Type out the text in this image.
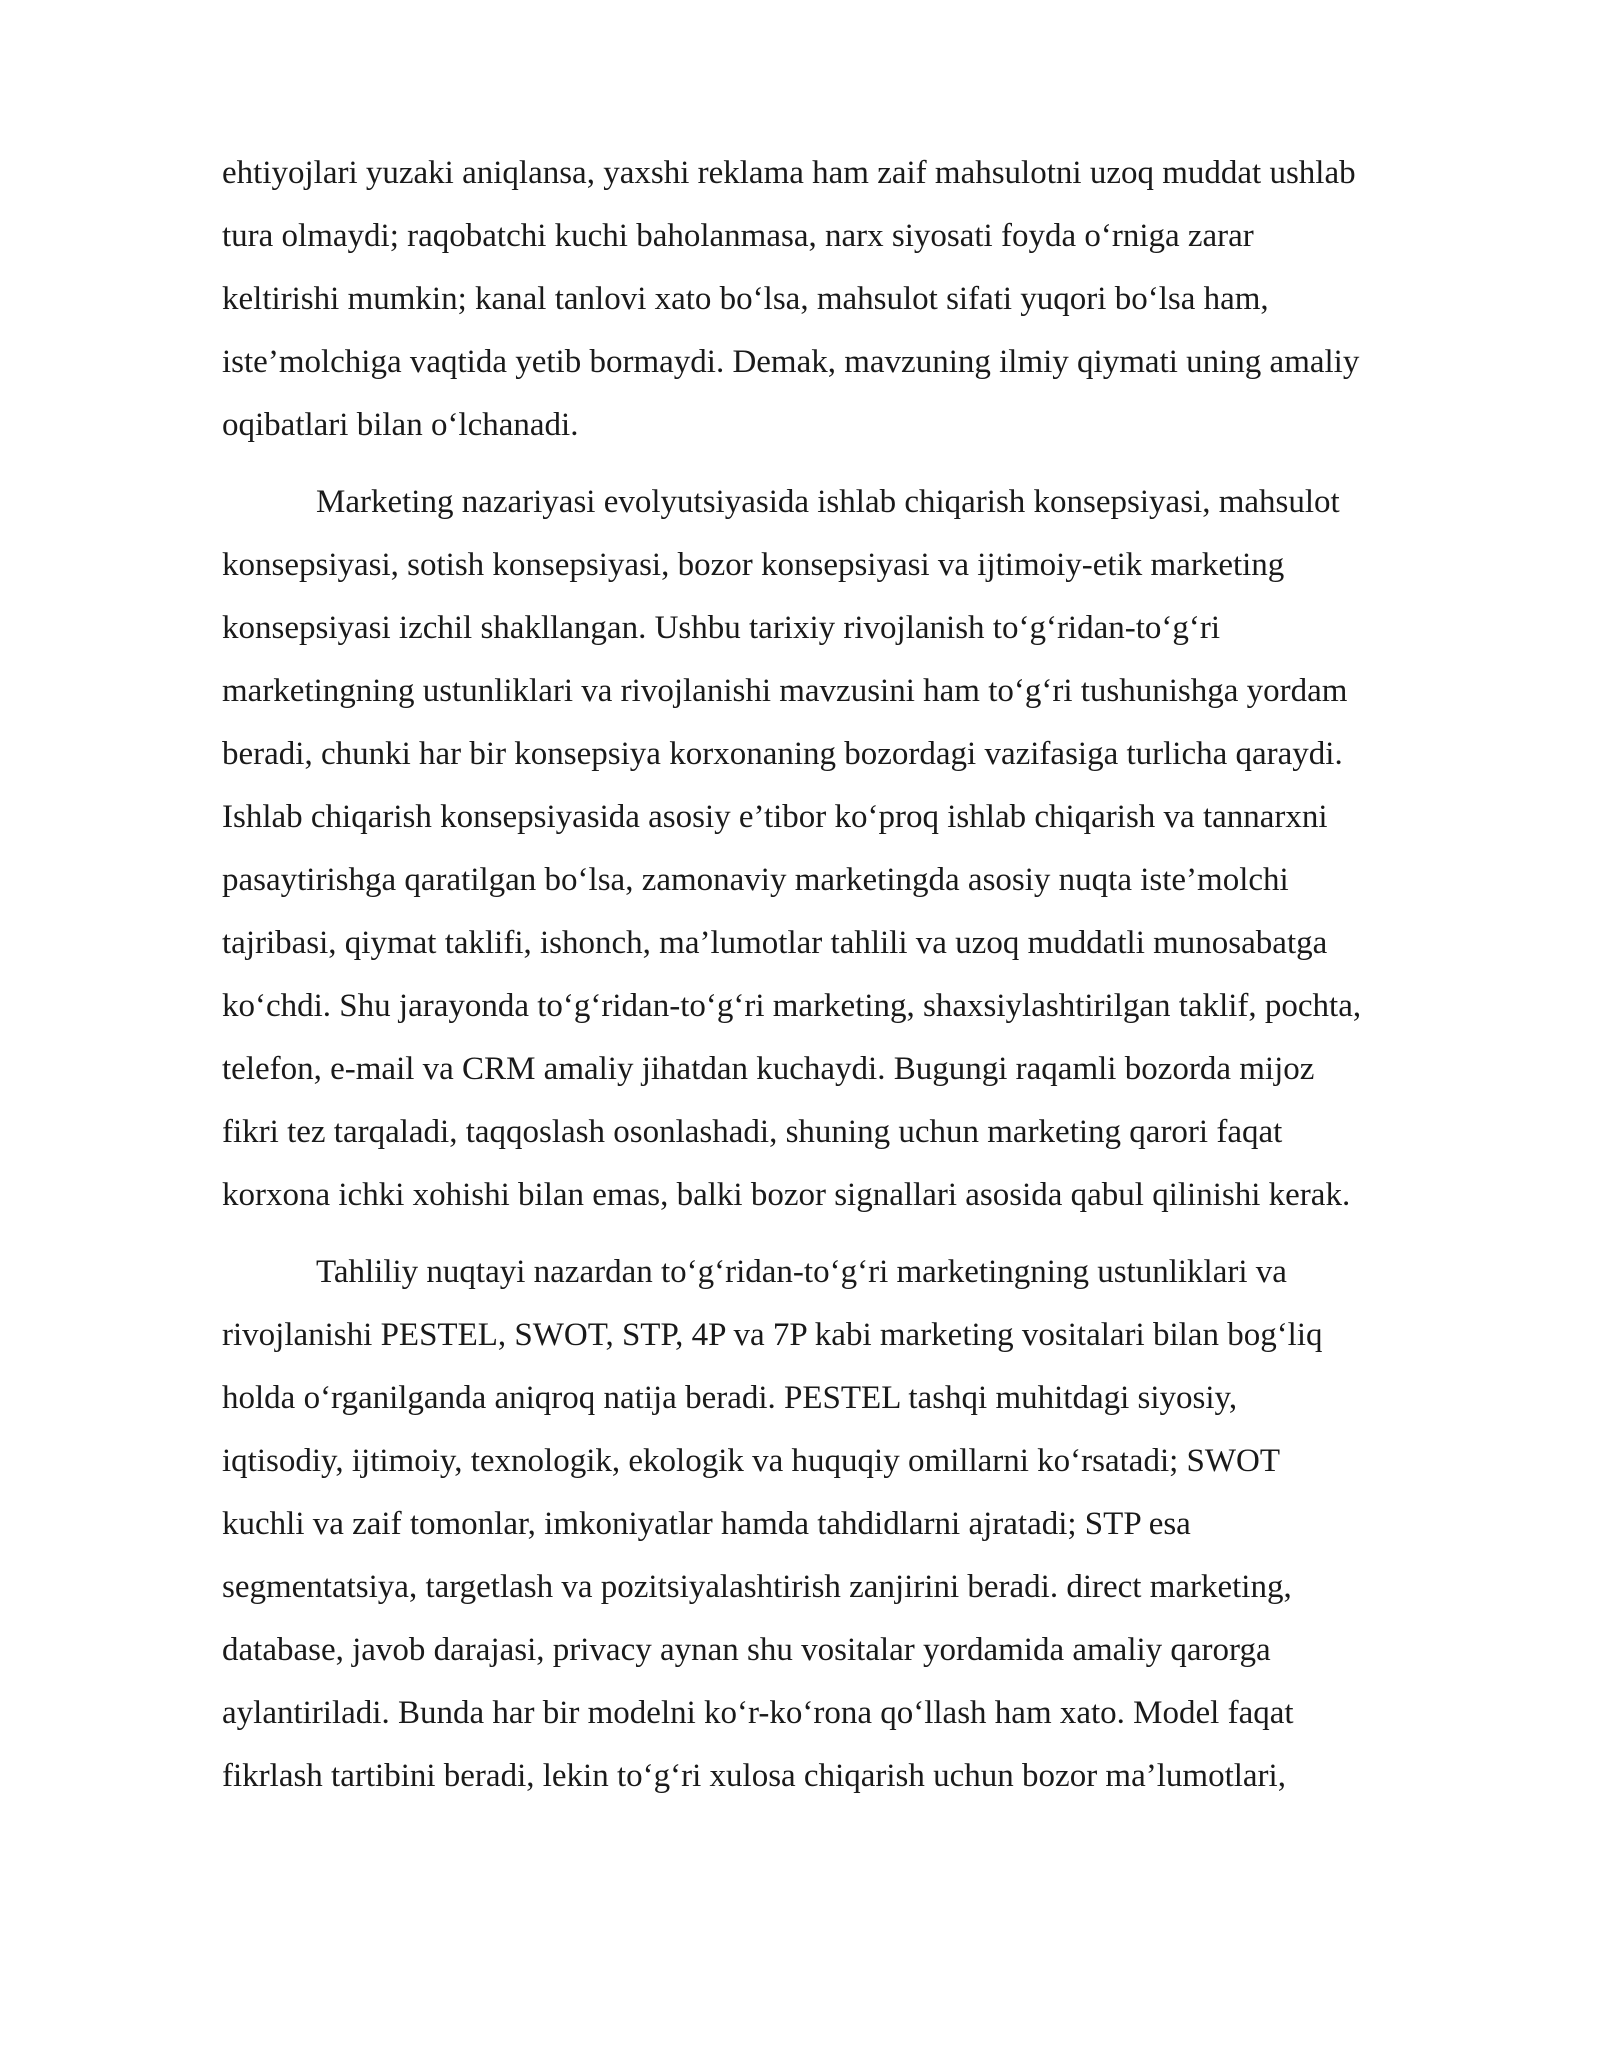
ehtiyojlari yuzaki aniqlansa, yaxshi reklama ham zaif mahsulotni uzoq muddat ushlab
tura olmaydi; raqobatchi kuchi baholanmasa, narx siyosati foyda o‘rniga zarar
keltirishi mumkin; kanal tanlovi xato bo‘lsa, mahsulot sifati yuqori bo‘lsa ham,
iste’molchiga vaqtida yetib bormaydi. Demak, mavzuning ilmiy qiymati uning amaliy
oqibatlari bilan o‘lchanadi.
Marketing nazariyasi evolyutsiyasida ishlab chiqarish konsepsiyasi, mahsulot
konsepsiyasi, sotish konsepsiyasi, bozor konsepsiyasi va ijtimoiy-etik marketing
konsepsiyasi izchil shakllangan. Ushbu tarixiy rivojlanish to‘g‘ridan-to‘g‘ri
marketingning ustunliklari va rivojlanishi mavzusini ham to‘g‘ri tushunishga yordam
beradi, chunki har bir konsepsiya korxonaning bozordagi vazifasiga turlicha qaraydi.
Ishlab chiqarish konsepsiyasida asosiy e’tibor ko‘proq ishlab chiqarish va tannarxni
pasaytirishga qaratilgan bo‘lsa, zamonaviy marketingda asosiy nuqta iste’molchi
tajribasi, qiymat taklifi, ishonch, ma’lumotlar tahlili va uzoq muddatli munosabatga
ko‘chdi. Shu jarayonda to‘g‘ridan-to‘g‘ri marketing, shaxsiylashtirilgan taklif, pochta,
telefon, e-mail va CRM amaliy jihatdan kuchaydi. Bugungi raqamli bozorda mijoz
fikri tez tarqaladi, taqqoslash osonlashadi, shuning uchun marketing qarori faqat
korxona ichki xohishi bilan emas, balki bozor signallari asosida qabul qilinishi kerak.
Tahliliy nuqtayi nazardan to‘g‘ridan-to‘g‘ri marketingning ustunliklari va
rivojlanishi PESTEL, SWOT, STP, 4P va 7P kabi marketing vositalari bilan bog‘liq
holda o‘rganilganda aniqroq natija beradi. PESTEL tashqi muhitdagi siyosiy,
iqtisodiy, ijtimoiy, texnologik, ekologik va huquqiy omillarni ko‘rsatadi; SWOT
kuchli va zaif tomonlar, imkoniyatlar hamda tahdidlarni ajratadi; STP esa
segmentatsiya, targetlash va pozitsiyalashtirish zanjirini beradi. direct marketing,
database, javob darajasi, privacy aynan shu vositalar yordamida amaliy qarorga
aylantiriladi. Bunda har bir modelni ko‘r-ko‘rona qo‘llash ham xato. Model faqat
fikrlash tartibini beradi, lekin to‘g‘ri xulosa chiqarish uchun bozor ma’lumotlari,
